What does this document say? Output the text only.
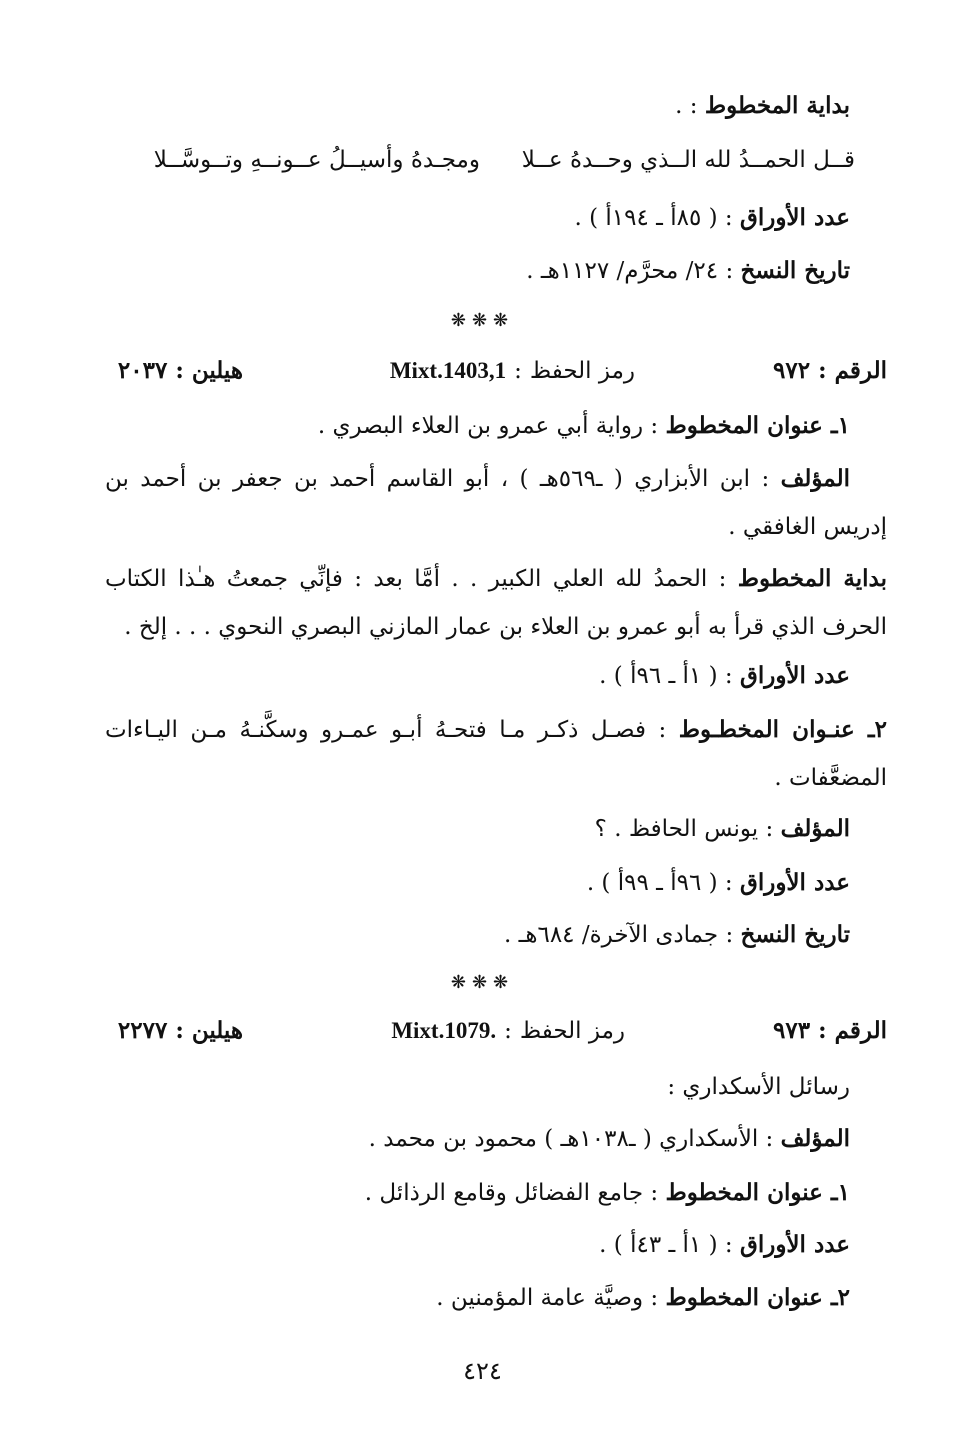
بداية المخطوط : .
قــل الحمــدُ لله الــذي وحــدهُ عــلا
ومجـدهُ وأسيــلُ عــونــهِ وتــوسَّــلا
عدد الأوراق : ( ٨٥أ ـ ١٩٤أ ) .
تاريخ النسخ : ٢٤/ محرَّم/ ١١٢٧هـ .
❋❋❋
الرقم : ٩٧٢
رمز الحفظ : Mixt.1403,1
هيلين : ٢٠٣٧
١ـ عنوان المخطوط : رواية أبي عمرو بن العلاء البصري .
المؤلف : ابن الأبزاري ( ـ٥٦٩هـ ) ، أبو القاسم أحمد بن جعفر بن أحمد بن
إدريس الغافقي .
بداية المخطوط : الحمدُ لله العلي الكبير . . أمَّا بعد : فإنِّي جمعتُ هـٰذا الكتاب
الحرف الذي قرأ به أبو عمرو بن العلاء بن عمار المازني البصري النحوي . . . إلخ .
عدد الأوراق : ( ١أ ـ ٩٦أ ) .
٢ـ عنـوان المخطـوط : فصـل ذكـر مـا فتحـهُ أبـو عمـرو وسكَّنـهُ مـن اليـاءات
المضعَّفات .
المؤلف : يونس الحافظ . ؟
عدد الأوراق : ( ٩٦أ ـ ٩٩أ ) .
تاريخ النسخ : جمادى الآخرة/ ٦٨٤هـ .
❋❋❋
الرقم : ٩٧٣
رمز الحفظ : Mixt.1079.
هيلين : ٢٢٧٧
رسائل الأسكداري :
المؤلف : الأسكداري ( ـ١٠٣٨هـ ) محمود بن محمد .
١ـ عنوان المخطوط : جامع الفضائل وقامع الرذائل .
عدد الأوراق : ( ١أ ـ ٤٣أ ) .
٢ـ عنوان المخطوط : وصيَّة عامة المؤمنين .
٤٢٤
